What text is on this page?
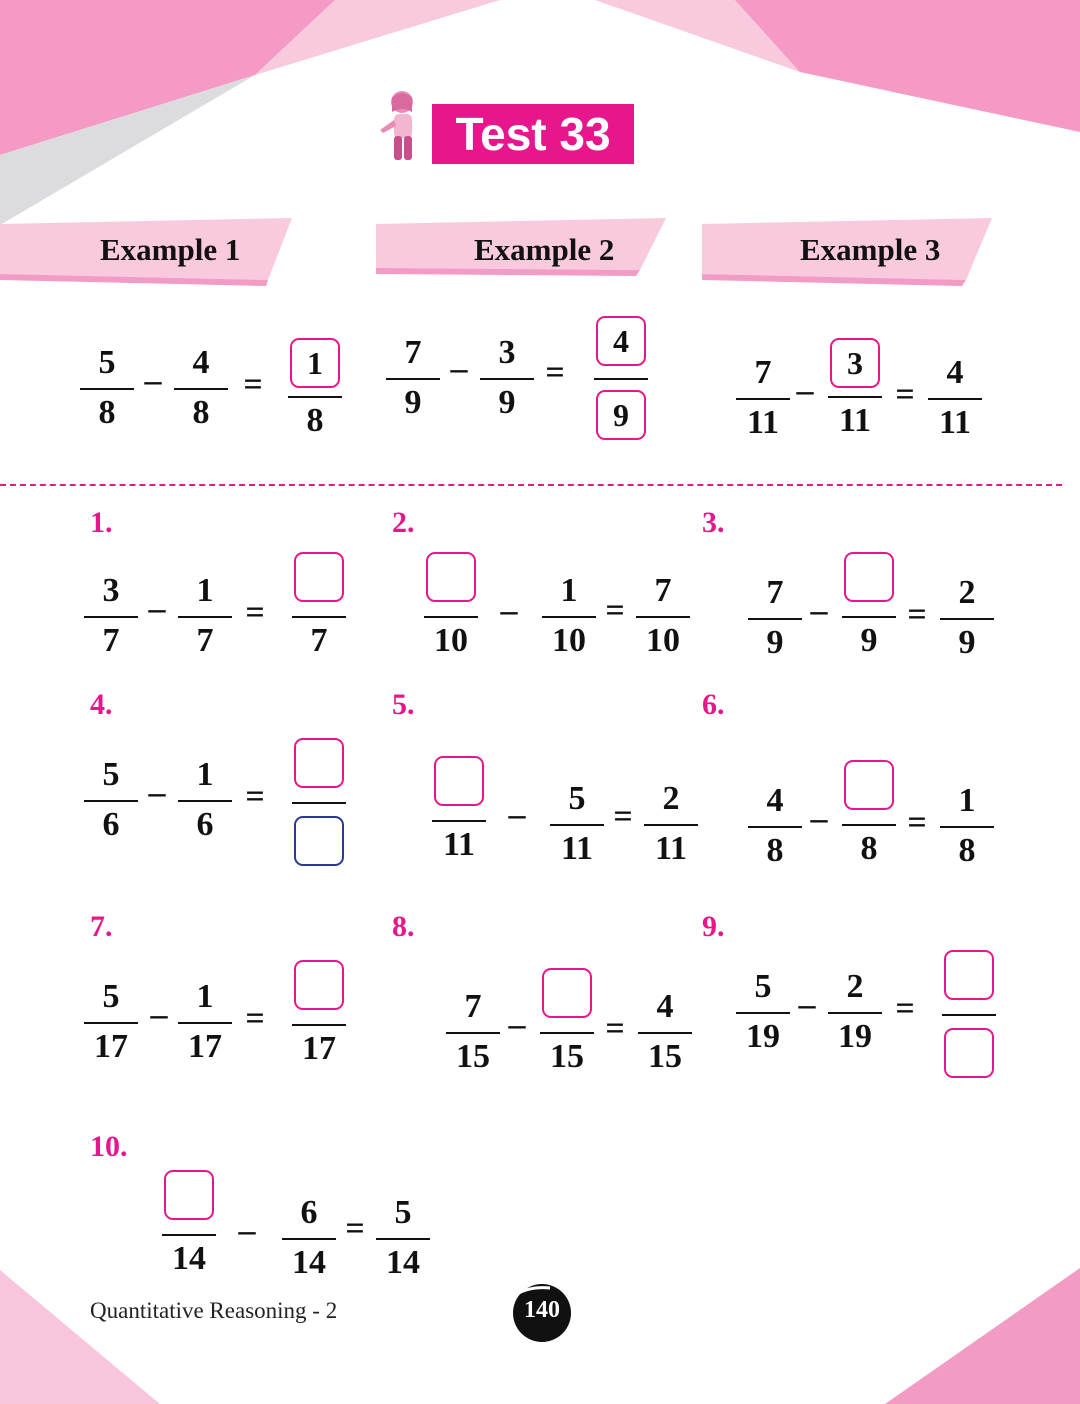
Test 33
Example 1	Example 2	Example 3
5
8
– 4
8
= $\frac{1}{8}$	7
9
– 3
9
= $\frac{4}{9}$	7
11
– $\frac{3}{11}$ =
4
11
1.
3
7
– 1
7
=
7
2.
10
–
1
10
=
7
10
3.
7
9
–
9
=
2
9
4.
5
6
– 1
6
=
5.
11
–	5
11
= 2
11
6.
4
8
–
8
=
1
8
7.
5
17
– 1
17
=
17
8.
7
15
–
15
=
4
15
9.
5
19
– 2
19
=
10.
14
–	6
14
= 5
14
Quantitative Reasoning - 2	140
